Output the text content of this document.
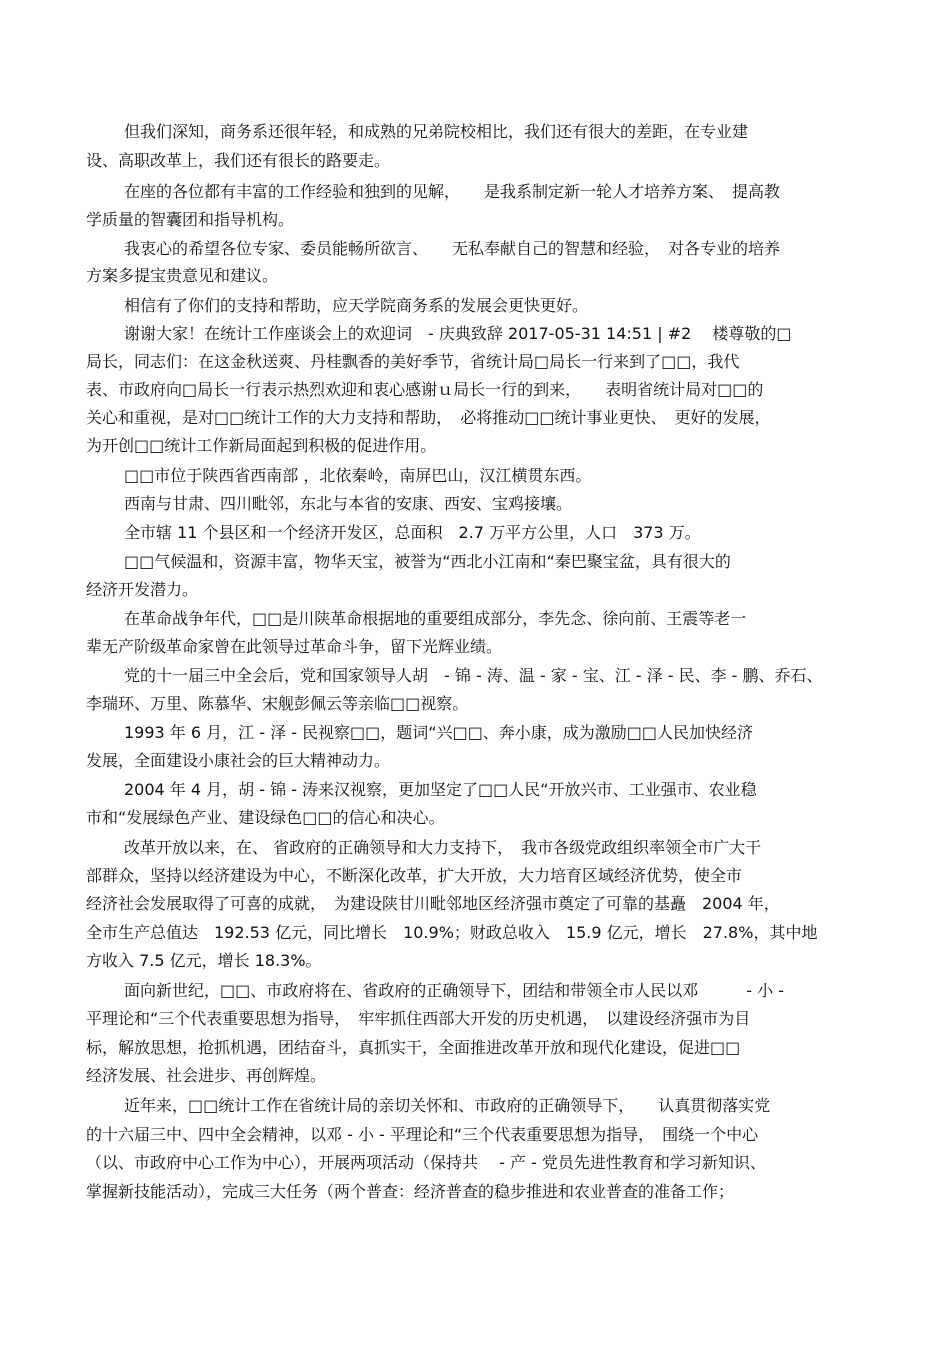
但我们深知，商务系还很年轻，和成熟的兄弟院校相比，我们还有很大的差距，在专业建
设、高职改革上，我们还有很长的路要走。
在座的各位都有丰富的工作经验和独到的见解，　　是我系制定新一轮人才培养方案、　提高教
学质量的智囊团和指导机构。
我衷心的希望各位专家、委员能畅所欲言、　　无私奉献自己的智慧和经验，　对各专业的培养
方案多提宝贵意见和建议。
相信有了你们的支持和帮助，应天学院商务系的发展会更快更好。
谢谢大家！在统计工作座谈会上的欢迎词　- 庆典致辞 2017-05-31 14:51 | #2　 楼尊敬的□
局长，同志们：在这金秋送爽、丹桂飘香的美好季节，省统计局□局长一行来到了□□，我代
表、市政府向□局长一行表示热烈欢迎和衷心感谢ｕ局长一行的到来，　　表明省统计局对□□的
关心和重视，是对□□统计工作的大力支持和帮助，　必将推动□□统计事业更快、　更好的发展，
为开创□□统计工作新局面起到积极的促进作用。
□□市位于陕西省西南部 ，北依秦岭，南屏巴山，汉江横贯东西。
西南与甘肃、四川毗邻，东北与本省的安康、西安、宝鸡接壤。
全市辖 11 个县区和一个经济开发区，总面积　2.7 万平方公里，人口　373 万。
□□气候温和，资源丰富，物华天宝，被誉为“西北小江南和“秦巴聚宝盆，具有很大的
经济开发潜力。
在革命战争年代，□□是川陕革命根据地的重要组成部分，李先念、徐向前、王震等老一
辈无产阶级革命家曾在此领导过革命斗争，留下光辉业绩。
党的十一届三中全会后，党和国家领导人胡　- 锦 - 涛、温 - 家 - 宝、江 - 泽 - 民、李 - 鹏、乔石、
李瑞环、万里、陈慕华、宋舰彭佩云等亲临□□视察。
1993 年 6 月，江 - 泽 - 民视察□□，题词“兴□□、奔小康，成为激励□□人民加快经济
发展，全面建设小康社会的巨大精神动力。
2004 年 4 月，胡 - 锦 - 涛来汉视察，更加坚定了□□人民“开放兴市、工业强市、农业稳
市和“发展绿色产业、建设绿色□□的信心和决心。
改革开放以来，在、 省政府的正确领导和大力支持下，　我市各级党政组织率领全市广大干
部群众，坚持以经济建设为中心，不断深化改革，扩大开放，大力培育区域经济优势，使全市
经济社会发展取得了可喜的成就，　为建设陕甘川毗邻地区经济强市奠定了可靠的基矗　2004 年，
全市生产总值达　192.53 亿元，同比增长　10.9%；财政总收入　15.9 亿元，增长　27.8%，其中地
方收入 7.5 亿元，增长 18.3%。
面向新世纪，□□、市政府将在、省政府的正确领导下，团结和带领全市人民以邓　　　- 小 -
平理论和“三个代表重要思想为指导，　牢牢抓住西部大开发的历史机遇，　以建设经济强市为目
标，解放思想，抢抓机遇，团结奋斗，真抓实干，全面推进改革开放和现代化建设，促进□□
经济发展、社会进步、再创辉煌。
近年来，□□统计工作在省统计局的亲切关怀和、市政府的正确领导下，　　认真贯彻落实党
的十六届三中、四中全会精神，以邓 - 小 - 平理论和“三个代表重要思想为指导，　围绕一个中心
（以、市政府中心工作为中心），开展两项活动（保持共　 - 产 - 党员先进性教育和学习新知识、
掌握新技能活动），完成三大任务（两个普查：经济普查的稳步推进和农业普查的准备工作；
